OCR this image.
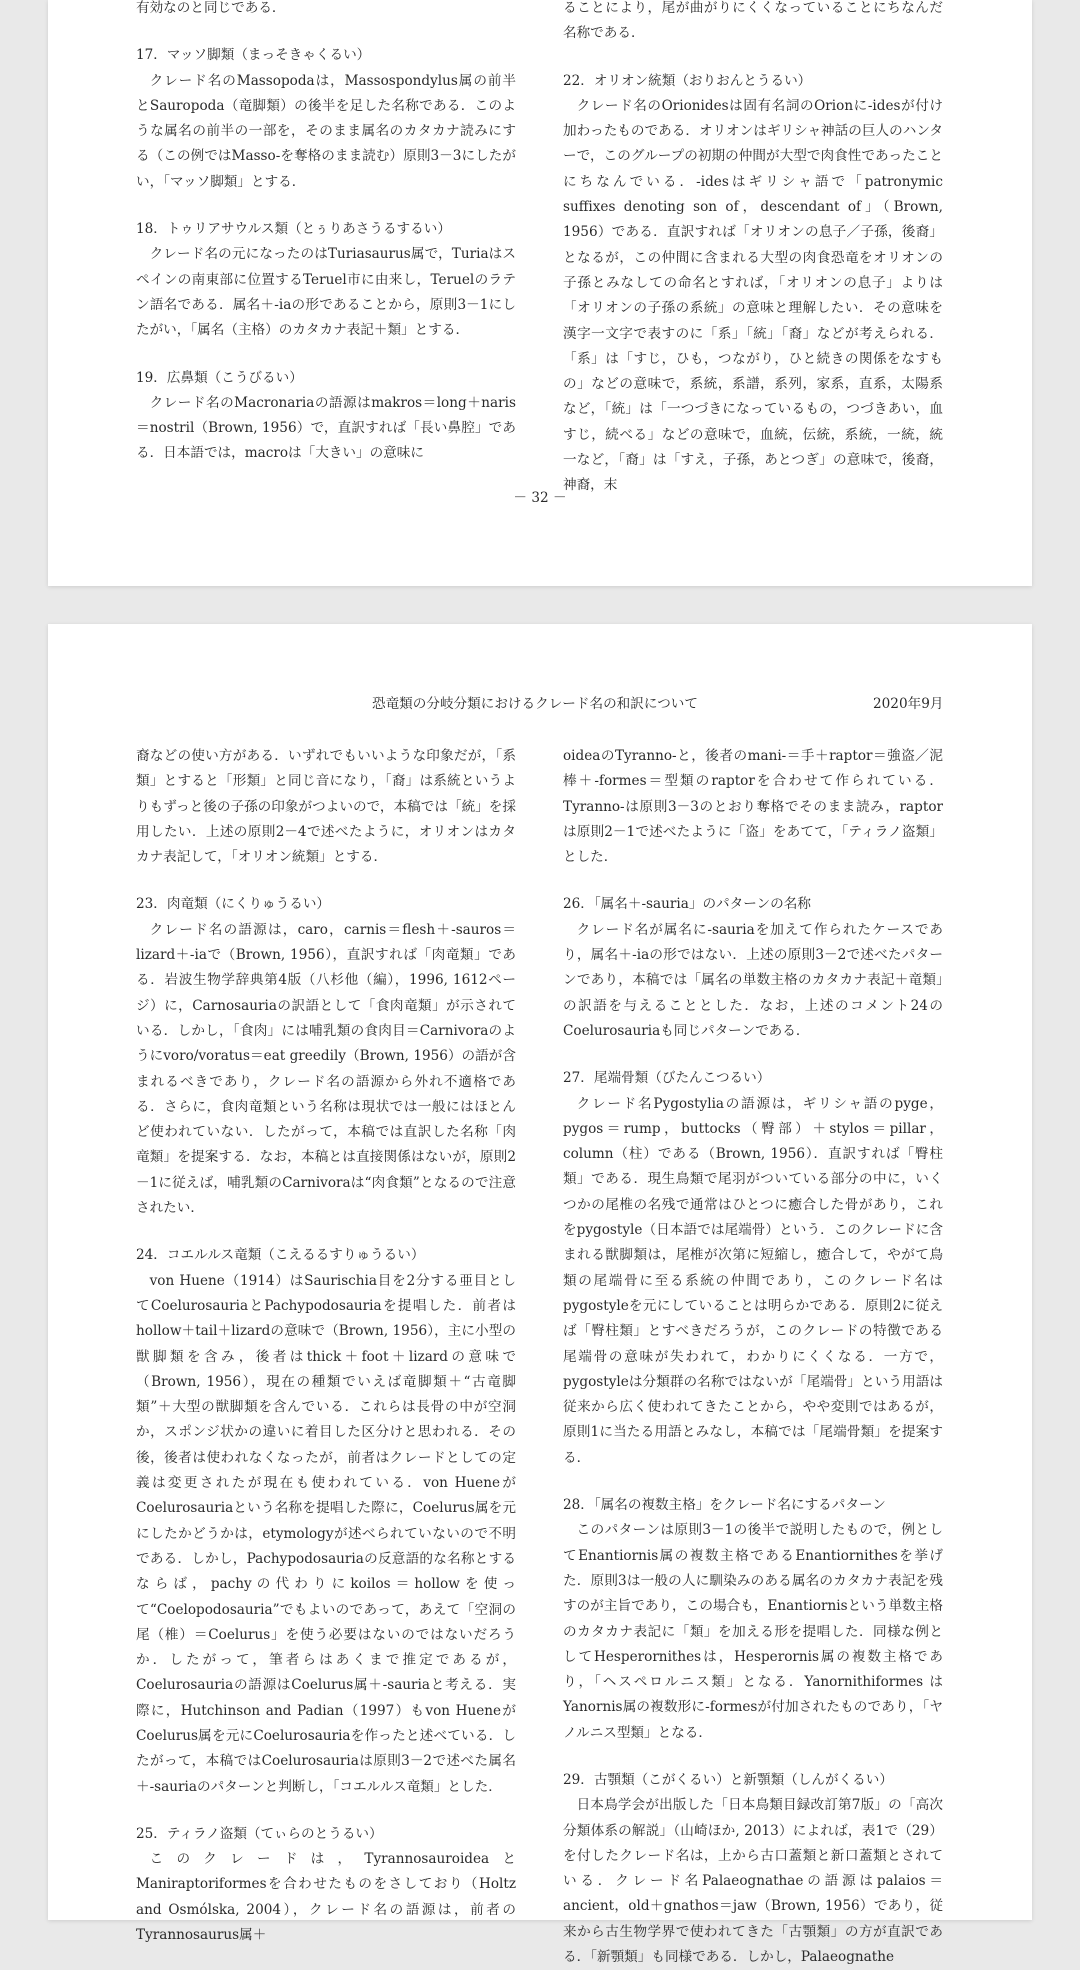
有効なのと同じである．

17．マッソ脚類（まっそきゃくるい）

クレード名のMassopodaは，Massospondylus属の前半とSauropoda（竜脚類）の後半を足した名称である．このような属名の前半の一部を，そのまま属名のカタカナ読みにする（この例ではMasso-を奪格のまま読む）原則3－3にしたがい，「マッソ脚類」とする．

18．トゥリアサウルス類（とぅりあさうるするい）

クレード名の元になったのはTuriasaurus属で，Turiaはスペインの南東部に位置するTeruel市に由来し，Teruelのラテン語名である．属名＋-iaの形であることから，原則3－1にしたがい，「属名（主格）のカタカナ表記＋類」とする．

19．広鼻類（こうびるい）

クレード名のMacronariaの語源はmakros＝long＋naris＝nostril（Brown, 1956）で，直訳すれば「長い鼻腔」である．日本語では，macroは「大きい」の意味に

ることにより，尾が曲がりにくくなっていることにちなんだ名称である．

22．オリオン統類（おりおんとうるい）

クレード名のOrionidesは固有名詞のOrionに-idesが付け加わったものである．オリオンはギリシャ神話の巨人のハンターで，このグループの初期の仲間が大型で肉食性であったことにちなんでいる．-idesはギリシャ語で「patronymic suffixes denoting son of，descendant of」（Brown, 1956）である．直訳すれば「オリオンの息子／子孫，後裔」となるが，この仲間に含まれる大型の肉食恐竜をオリオンの子孫とみなしての命名とすれば，「オリオンの息子」よりは「オリオンの子孫の系統」の意味と理解したい．その意味を漢字一文字で表すのに「系」「統」「裔」などが考えられる．「系」は「すじ，ひも，つながり，ひと続きの関係をなすもの」などの意味で，系統，系譜，系列，家系，直系，太陽系など，「統」は「一つづきになっているもの，つづきあい，血すじ，続べる」などの意味で，血統，伝統，系統，一統，統一など，「裔」は「すえ，子孫，あとつぎ」の意味で，後裔，神裔，末

－ 32 －
恐竜類の分岐分類におけるクレード名の和訳について	2020年9月

裔などの使い方がある．いずれでもいいような印象だが，「系類」とすると「形類」と同じ音になり，「裔」は系統というよりもずっと後の子孫の印象がつよいので，本稿では「統」を採用したい．上述の原則2－4で述べたように，オリオンはカタカナ表記して，「オリオン統類」とする．

23．肉竜類（にくりゅうるい）

クレード名の語源は，caro，carnis＝flesh＋-sauros＝lizard＋-iaで（Brown, 1956），直訳すれば「肉竜類」である．岩波生物学辞典第4版（八杉他（編），1996, 1612ページ）に，Carnosauriaの訳語として「食肉竜類」が示されている．しかし，「食肉」には哺乳類の食肉目＝Carnivoraのようにvoro/voratus＝eat greedily（Brown, 1956）の語が含まれるべきであり，クレード名の語源から外れ不適格である．さらに，食肉竜類という名称は現状では一般にはほとんど使われていない．したがって，本稿では直訳した名称「肉竜類」を提案する．なお，本稿とは直接関係はないが，原則2－1に従えば，哺乳類のCarnivoraは“肉食類”となるので注意されたい．

24．コエルルス竜類（こえるるすりゅうるい）

von Huene（1914）はSaurischia目を2分する亜目としてCoelurosauriaとPachypodosauriaを提唱した．前者はhollow＋tail＋lizardの意味で（Brown, 1956），主に小型の獣脚類を含み，後者はthick＋foot＋lizardの意味で（Brown, 1956），現在の種類でいえば竜脚類＋“古竜脚類”＋大型の獣脚類を含んでいる．これらは長骨の中が空洞か，スポンジ状かの違いに着目した区分けと思われる．その後，後者は使われなくなったが，前者はクレードとしての定義は変更されたが現在も使われている．von HueneがCoelurosauriaという名称を提唱した際に，Coelurus属を元にしたかどうかは，etymologyが述べられていないので不明である．しかし，Pachypodosauriaの反意語的な名称とするならば，pachyの代わりにkoilos＝hollowを使って“Coelopodosauria”でもよいのであって，あえて「空洞の尾（椎）＝Coelurus」を使う必要はないのではないだろうか．したがって，筆者らはあくまで推定であるが，Coelurosauriaの語源はCoelurus属＋-sauriaと考える．実際に，Hutchinson and Padian（1997）もvon HueneがCoelurus属を元にCoelurosauriaを作ったと述べている．したがって，本稿ではCoelurosauriaは原則3－2で述べた属名＋-sauriaのパターンと判断し，「コエルルス竜類」とした．

25．ティラノ盗類（てぃらのとうるい）

このクレードは，TyrannosauroideaとManiraptoriformesを合わせたものをさしており（Holtz and Osmólska, 2004），クレード名の語源は，前者のTyrannosaurus属＋

oideaのTyranno-と，後者のmani-＝手＋raptor＝強盗／泥棒＋-formes＝型類のraptorを合わせて作られている．Tyranno-は原則3－3のとおり奪格でそのまま読み，raptorは原則2－1で述べたように「盗」をあてて，「ティラノ盗類」とした．

26．「属名＋-sauria」のパターンの名称

クレード名が属名に-sauriaを加えて作られたケースであり，属名＋-iaの形ではない．上述の原則3－2で述べたパターンであり，本稿では「属名の単数主格のカタカナ表記＋竜類」の訳語を与えることとした．なお，上述のコメント24のCoelurosauriaも同じパターンである．

27．尾端骨類（びたんこつるい）

クレード名Pygostyliaの語源は，ギリシャ語のpyge，pygos＝rump，buttocks（臀部）＋stylos＝pillar，column（柱）である（Brown, 1956）．直訳すれば「臀柱類」である．現生鳥類で尾羽がついている部分の中に，いくつかの尾椎の名残で通常はひとつに癒合した骨があり，これをpygostyle（日本語では尾端骨）という．このクレードに含まれる獣脚類は，尾椎が次第に短縮し，癒合して，やがて鳥類の尾端骨に至る系統の仲間であり，このクレード名はpygostyleを元にしていることは明らかである．原則2に従えば「臀柱類」とすべきだろうが，このクレードの特徴である尾端骨の意味が失われて，わかりにくくなる．一方で，pygostyleは分類群の名称ではないが「尾端骨」という用語は従来から広く使われてきたことから，やや変則ではあるが，原則1に当たる用語とみなし，本稿では「尾端骨類」を提案する．

28．「属名の複数主格」をクレード名にするパターン

このパターンは原則3－1の後半で説明したもので，例としてEnantiornis属の複数主格であるEnantiornithesを挙げた．原則3は一般の人に馴染みのある属名のカタカナ表記を残すのが主旨であり，この場合も，Enantiornisという単数主格のカタカナ表記に「類」を加える形を提唱した．同様な例としてHesperornithesは，Hesperornis属の複数主格であり，「ヘスペロルニス類」となる．Yanornithiformes はYanornis属の複数形に-formesが付加されたものであり，「ヤノルニス型類」となる．

29．古顎類（こがくるい）と新顎類（しんがくるい）

日本鳥学会が出版した「日本鳥類目録改訂第7版」の「高次分類体系の解説」（山崎ほか, 2013）によれば，表1で（29）を付したクレード名は，上から古口蓋類と新口蓋類とされている．クレード名Palaeognathaeの語源はpalaios＝ancient，old＋gnathos＝jaw（Brown, 1956）であり，従来から古生物学界で使われてきた「古顎類」の方が直訳である．「新顎類」も同様である．しかし，Palaeognathe
